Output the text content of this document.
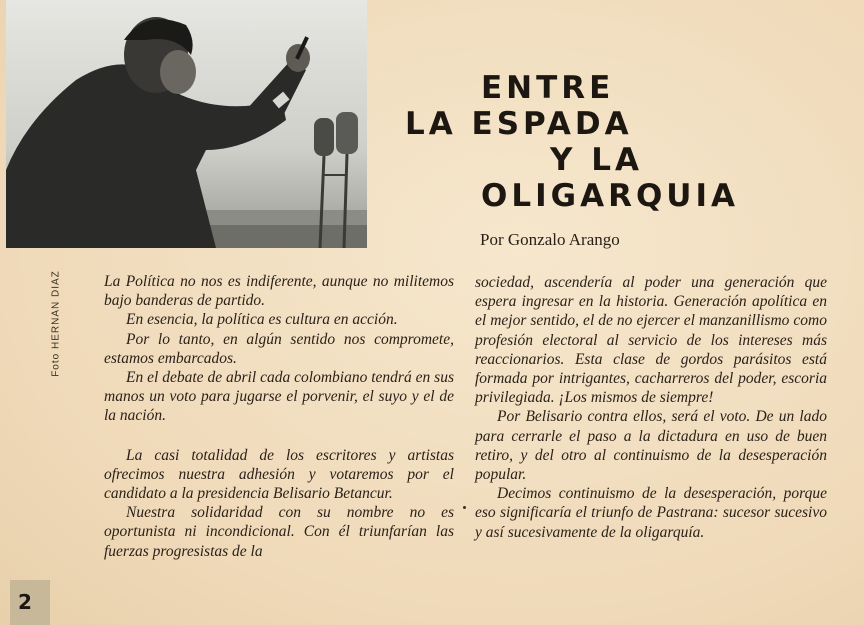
Foto HERNAN DIAZ
ENTRE
LA ESPADA
Y LA
OLIGARQUIA
Por Gonzalo Arango

La Política no nos es indiferente, aunque no militemos bajo banderas de partido.

En esencia, la política es cultura en acción.

Por lo tanto, en algún sentido nos compromete, estamos embarcados.

En el debate de abril cada colombiano tendrá en sus manos un voto para jugarse el porvenir, el suyo y el de la nación.

La casi totalidad de los escritores y artistas ofrecimos nuestra adhesión y votaremos por el candidato a la presidencia Belisario Betancur.

Nuestra solidaridad con su nombre no es oportunista ni incondicional. Con él triunfarían las fuerzas progresistas de la

sociedad, ascendería al poder una generación que espera ingresar en la historia. Generación apolítica en el mejor sentido, el de no ejercer el manzanillismo como profesión electoral al servicio de los intereses más reaccionarios. Esta clase de gordos parásitos está formada por intrigantes, cacharreros del poder, escoria privilegiada. ¡Los mismos de siempre!

Por Belisario contra ellos, será el voto. De un lado para cerrarle el paso a la dictadura en uso de buen retiro, y del otro al continuismo de la desesperación popular.

Decimos continuismo de la desesperación, porque eso significaría el triunfo de Pastrana: sucesor sucesivo y así sucesivamente de la oligarquía.

2
